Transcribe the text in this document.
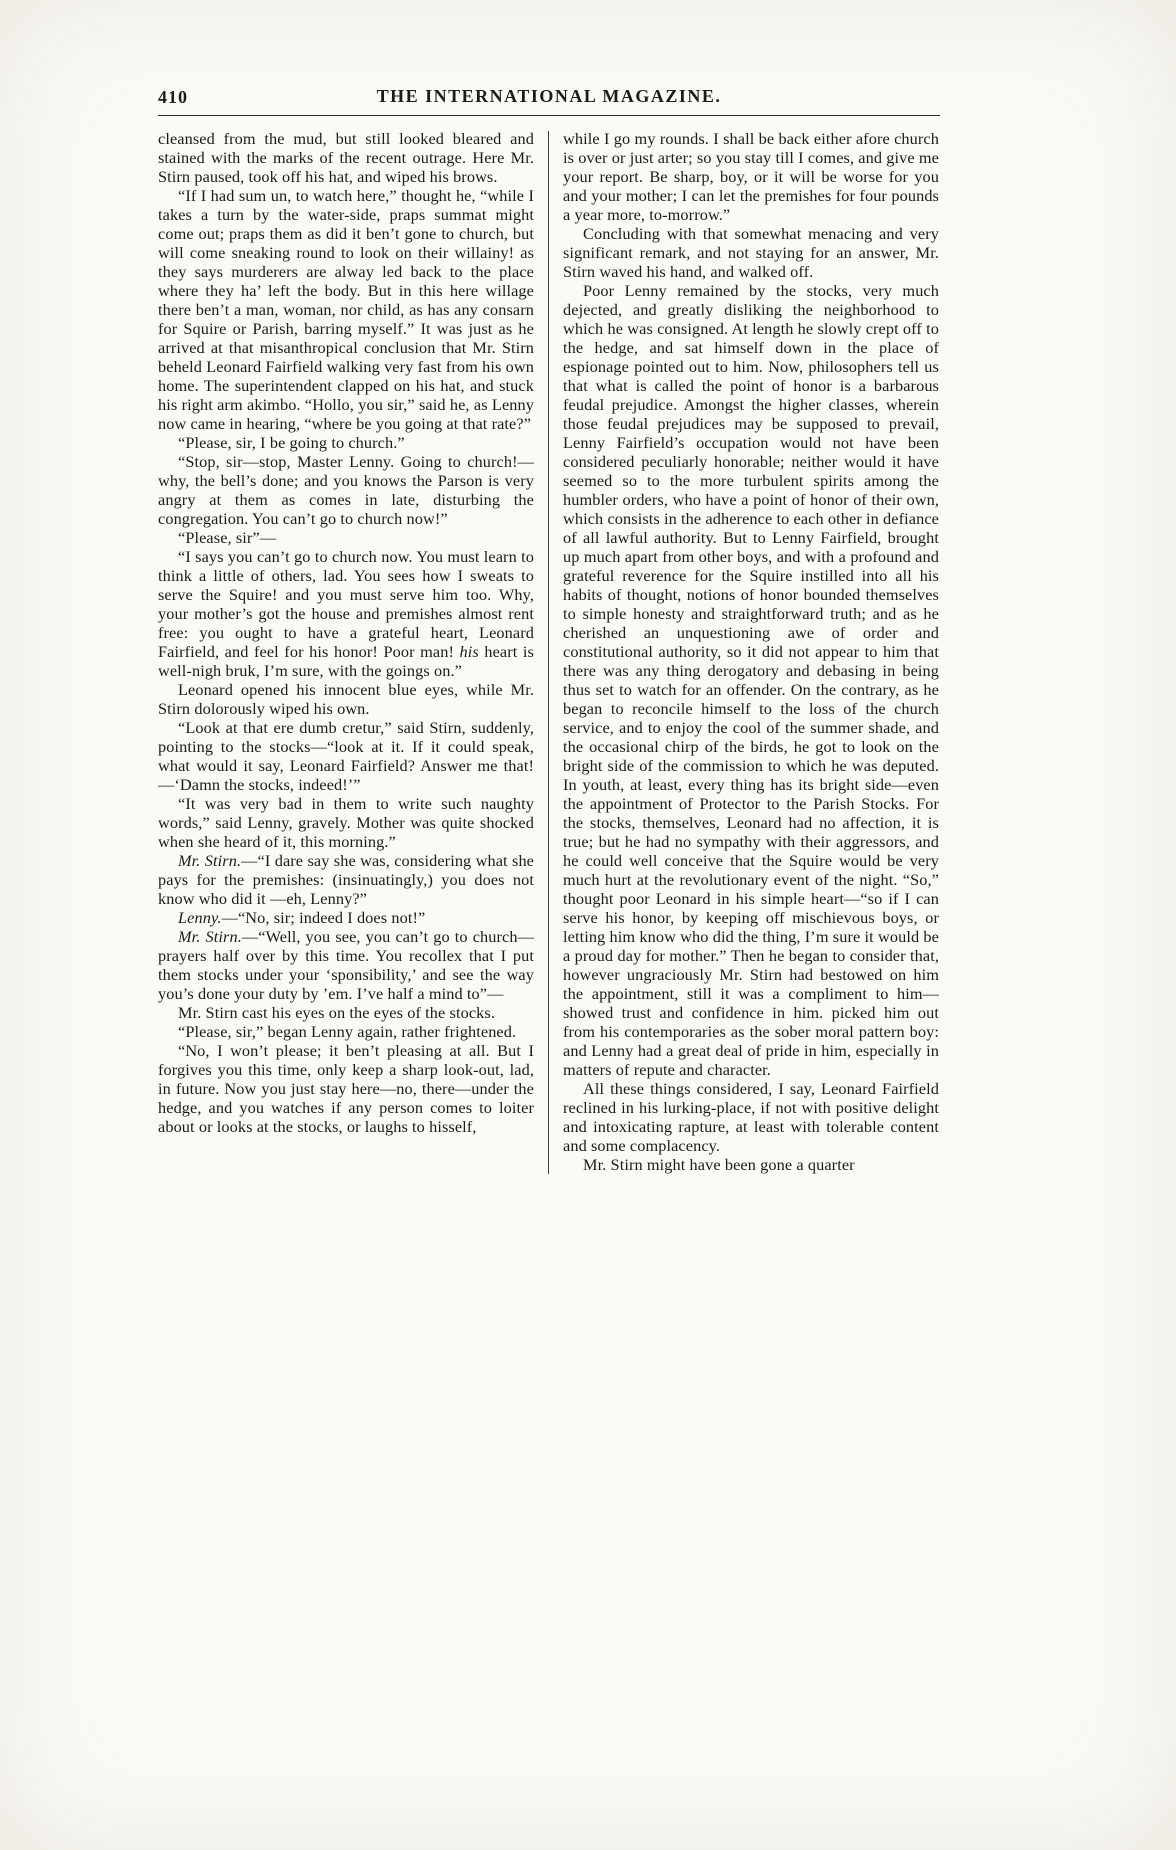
410	THE INTERNATIONAL MAGAZINE.

cleansed from the mud, but still looked bleared and stained with the marks of the recent outrage. Here Mr. Stirn paused, took off his hat, and wiped his brows.

“If I had sum un, to watch here,” thought he, “while I takes a turn by the water-side, praps summat might come out; praps them as did it ben’t gone to church, but will come sneaking round to look on their willainy! as they says murderers are alway led back to the place where they ha’ left the body. But in this here willage there ben’t a man, woman, nor child, as has any consarn for Squire or Parish, barring myself.” It was just as he arrived at that misanthropical conclusion that Mr. Stirn beheld Leonard Fairfield walking very fast from his own home. The superintendent clapped on his hat, and stuck his right arm akimbo. “Hollo, you sir,” said he, as Lenny now came in hearing, “where be you going at that rate?”

“Please, sir, I be going to church.”

“Stop, sir—stop, Master Lenny. Going to church!—why, the bell’s done; and you knows the Parson is very angry at them as comes in late, disturbing the congregation. You can’t go to church now!”

“Please, sir”—

“I says you can’t go to church now. You must learn to think a little of others, lad. You sees how I sweats to serve the Squire! and you must serve him too. Why, your mother’s got the house and premishes almost rent free: you ought to have a grateful heart, Leonard Fairfield, and feel for his honor! Poor man! his heart is well-nigh bruk, I’m sure, with the goings on.”

Leonard opened his innocent blue eyes, while Mr. Stirn dolorously wiped his own.

“Look at that ere dumb cretur,” said Stirn, suddenly, pointing to the stocks—“look at it. If it could speak, what would it say, Leonard Fairfield? Answer me that!—‘Damn the stocks, indeed!’”

“It was very bad in them to write such naughty words,” said Lenny, gravely. Mother was quite shocked when she heard of it, this morning.”

Mr. Stirn.—“I dare say she was, considering what she pays for the premishes: (insinuatingly,) you does not know who did it —eh, Lenny?”

Lenny.—“No, sir; indeed I does not!”

Mr. Stirn.—“Well, you see, you can’t go to church—prayers half over by this time. You recollex that I put them stocks under your ‘sponsibility,’ and see the way you’s done your duty by ’em. I’ve half a mind to”—

Mr. Stirn cast his eyes on the eyes of the stocks.

“Please, sir,” began Lenny again, rather frightened.

“No, I won’t please; it ben’t pleasing at all. But I forgives you this time, only keep a sharp look-out, lad, in future. Now you just stay here—no, there—under the hedge, and you watches if any person comes to loiter about or looks at the stocks, or laughs to hisself,

while I go my rounds. I shall be back either afore church is over or just arter; so you stay till I comes, and give me your report. Be sharp, boy, or it will be worse for you and your mother; I can let the premishes for four pounds a year more, to-morrow.”

Concluding with that somewhat menacing and very significant remark, and not staying for an answer, Mr. Stirn waved his hand, and walked off.

Poor Lenny remained by the stocks, very much dejected, and greatly disliking the neighborhood to which he was consigned. At length he slowly crept off to the hedge, and sat himself down in the place of espionage pointed out to him. Now, philosophers tell us that what is called the point of honor is a barbarous feudal prejudice. Amongst the higher classes, wherein those feudal prejudices may be supposed to prevail, Lenny Fairfield’s occupation would not have been considered peculiarly honorable; neither would it have seemed so to the more turbulent spirits among the humbler orders, who have a point of honor of their own, which consists in the adherence to each other in defiance of all lawful authority. But to Lenny Fairfield, brought up much apart from other boys, and with a profound and grateful reverence for the Squire instilled into all his habits of thought, notions of honor bounded themselves to simple honesty and straightforward truth; and as he cherished an unquestioning awe of order and constitutional authority, so it did not appear to him that there was any thing derogatory and debasing in being thus set to watch for an offender. On the contrary, as he began to reconcile himself to the loss of the church service, and to enjoy the cool of the summer shade, and the occasional chirp of the birds, he got to look on the bright side of the commission to which he was deputed. In youth, at least, every thing has its bright side—even the appointment of Protector to the Parish Stocks. For the stocks, themselves, Leonard had no affection, it is true; but he had no sympathy with their aggressors, and he could well conceive that the Squire would be very much hurt at the revolutionary event of the night. “So,” thought poor Leonard in his simple heart—“so if I can serve his honor, by keeping off mischievous boys, or letting him know who did the thing, I’m sure it would be a proud day for mother.” Then he began to consider that, however ungraciously Mr. Stirn had bestowed on him the appointment, still it was a compliment to him—showed trust and confidence in him. picked him out from his contemporaries as the sober moral pattern boy: and Lenny had a great deal of pride in him, especially in matters of repute and character.

All these things considered, I say, Leonard Fairfield reclined in his lurking-place, if not with positive delight and intoxicating rapture, at least with tolerable content and some complacency.

Mr. Stirn might have been gone a quarter
